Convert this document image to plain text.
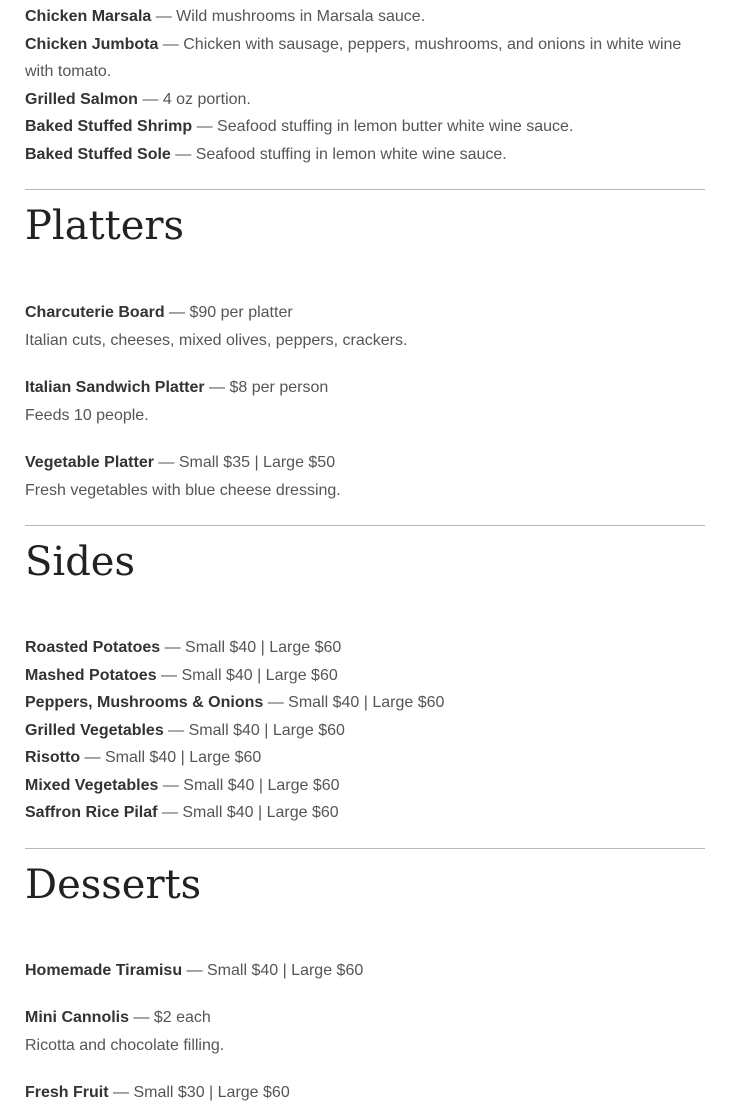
Chicken Marsala — Wild mushrooms in Marsala sauce.

Chicken Jumbota — Chicken with sausage, peppers, mushrooms, and onions in white wine with tomato.

Grilled Salmon — 4 oz portion.

Baked Stuffed Shrimp — Seafood stuffing in lemon butter white wine sauce.

Baked Stuffed Sole — Seafood stuffing in lemon white wine sauce.

Platters

Charcuterie Board — $90 per platter

Italian cuts, cheeses, mixed olives, peppers, crackers.

Italian Sandwich Platter — $8 per person

Feeds 10 people.

Vegetable Platter — Small $35 | Large $50

Fresh vegetables with blue cheese dressing.

Sides

Roasted Potatoes — Small $40 | Large $60

Mashed Potatoes — Small $40 | Large $60

Peppers, Mushrooms & Onions — Small $40 | Large $60

Grilled Vegetables — Small $40 | Large $60

Risotto — Small $40 | Large $60

Mixed Vegetables — Small $40 | Large $60

Saffron Rice Pilaf — Small $40 | Large $60

Desserts

Homemade Tiramisu — Small $40 | Large $60

Mini Cannolis — $2 each

Ricotta and chocolate filling.

Fresh Fruit — Small $30 | Large $60
